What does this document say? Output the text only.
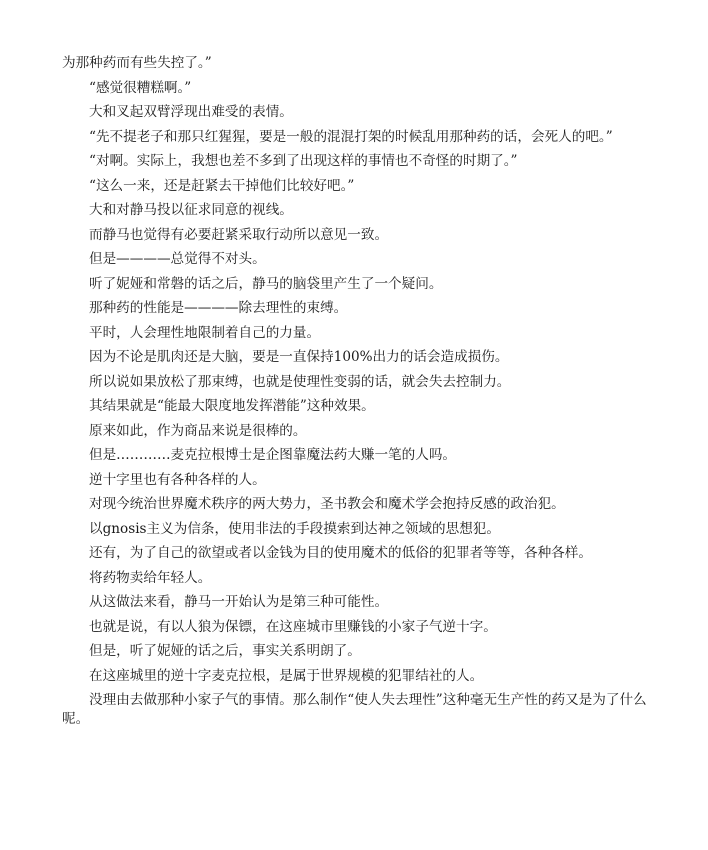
为那种药而有些失控了。”

“感觉很糟糕啊。”

大和叉起双臂浮现出难受的表情。

“先不提老子和那只红猩猩，要是一般的混混打架的时候乱用那种药的话，会死人的吧。”

“对啊。实际上，我想也差不多到了出现这样的事情也不奇怪的时期了。”

“这么一来，还是赶紧去干掉他们比较好吧。”

大和对静马投以征求同意的视线。

而静马也觉得有必要赶紧采取行动所以意见一致。

但是————总觉得不对头。

听了妮娅和常磐的话之后，静马的脑袋里产生了一个疑问。

那种药的性能是————除去理性的束缚。

平时，人会理性地限制着自己的力量。

因为不论是肌肉还是大脑，要是一直保持100%出力的话会造成损伤。

所以说如果放松了那束缚，也就是使理性变弱的话，就会失去控制力。

其结果就是“能最大限度地发挥潜能”这种效果。

原来如此，作为商品来说是很棒的。

但是…………麦克拉根博士是企图靠魔法药大赚一笔的人吗。

逆十字里也有各种各样的人。

对现今统治世界魔术秩序的两大势力，圣书教会和魔术学会抱持反感的政治犯。

以gnosis主义为信条，使用非法的手段摸索到达神之领域的思想犯。

还有，为了自己的欲望或者以金钱为目的使用魔术的低俗的犯罪者等等，各种各样。

将药物卖给年轻人。

从这做法来看，静马一开始认为是第三种可能性。

也就是说，有以人狼为保镖，在这座城市里赚钱的小家子气逆十字。

但是，听了妮娅的话之后，事实关系明朗了。

在这座城里的逆十字麦克拉根，是属于世界规模的犯罪结社的人。

没理由去做那种小家子气的事情。那么制作“使人失去理性”这种毫无生产性的药又是为了什么呢。
